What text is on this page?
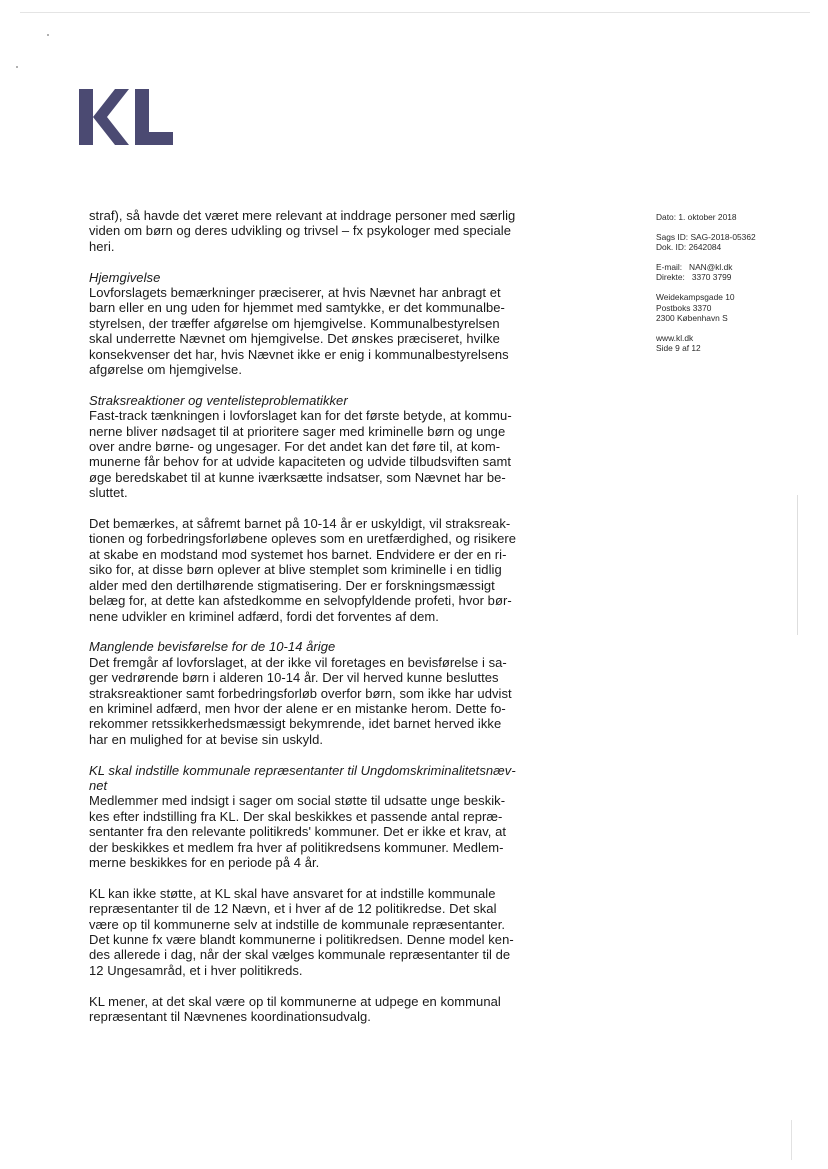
straf), så havde det været mere relevant at inddrage personer med særlig

viden om børn og deres udvikling og trivsel – fx psykologer med speciale

heri.

Hjemgivelse

Lovforslagets bemærkninger præciserer, at hvis Nævnet har anbragt et

barn eller en ung uden for hjemmet med samtykke, er det kommunalbe-

styrelsen, der træffer afgørelse om hjemgivelse. Kommunalbestyrelsen

skal underrette Nævnet om hjemgivelse. Det ønskes præciseret, hvilke

konsekvenser det har, hvis Nævnet ikke er enig i kommunalbestyrelsens

afgørelse om hjemgivelse.

Straksreaktioner og ventelisteproblematikker

Fast-track tænkningen i lovforslaget kan for det første betyde, at kommu-

nerne bliver nødsaget til at prioritere sager med kriminelle børn og unge

over andre børne- og ungesager. For det andet kan det føre til, at kom-

munerne får behov for at udvide kapaciteten og udvide tilbudsviften samt

øge beredskabet til at kunne iværksætte indsatser, som Nævnet har be-

sluttet.

Det bemærkes, at såfremt barnet på 10-14 år er uskyldigt, vil straksreak-

tionen og forbedringsforløbene opleves som en uretfærdighed, og risikere

at skabe en modstand mod systemet hos barnet. Endvidere er der en ri-

siko for, at disse børn oplever at blive stemplet som kriminelle i en tidlig

alder med den dertilhørende stigmatisering. Der er forskningsmæssigt

belæg for, at dette kan afstedkomme en selvopfyldende profeti, hvor bør-

nene udvikler en kriminel adfærd, fordi det forventes af dem.

Manglende bevisførelse for de 10-14 årige

Det fremgår af lovforslaget, at der ikke vil foretages en bevisførelse i sa-

ger vedrørende børn i alderen 10-14 år. Der vil herved kunne besluttes

straksreaktioner samt forbedringsforløb overfor børn, som ikke har udvist

en kriminel adfærd, men hvor der alene er en mistanke herom. Dette fo-

rekommer retssikkerhedsmæssigt bekymrende, idet barnet herved ikke

har en mulighed for at bevise sin uskyld.

KL skal indstille kommunale repræsentanter til Ungdomskriminalitetsnæv-

net

Medlemmer med indsigt i sager om social støtte til udsatte unge beskik-

kes efter indstilling fra KL. Der skal beskikkes et passende antal repræ-

sentanter fra den relevante politikreds' kommuner. Det er ikke et krav, at

der beskikkes et medlem fra hver af politikredsens kommuner. Medlem-

merne beskikkes for en periode på 4 år.

KL kan ikke støtte, at KL skal have ansvaret for at indstille kommunale

repræsentanter til de 12 Nævn, et i hver af de 12 politikredse. Det skal

være op til kommunerne selv at indstille de kommunale repræsentanter.

Det kunne fx være blandt kommunerne i politikredsen. Denne model ken-

des allerede i dag, når der skal vælges kommunale repræsentanter til de

12 Ungesamråd, et i hver politikreds.

KL mener, at det skal være op til kommunerne at udpege en kommunal

repræsentant til Nævnenes koordinationsudvalg.

Dato: 1. oktober 2018
Sags ID: SAG-2018-05362
Dok. ID: 2642084
E-mail:   NAN@kl.dk
Direkte:   3370 3799
Weidekampsgade 10
Postboks 3370
2300 København S
www.kl.dk
Side 9 af 12
